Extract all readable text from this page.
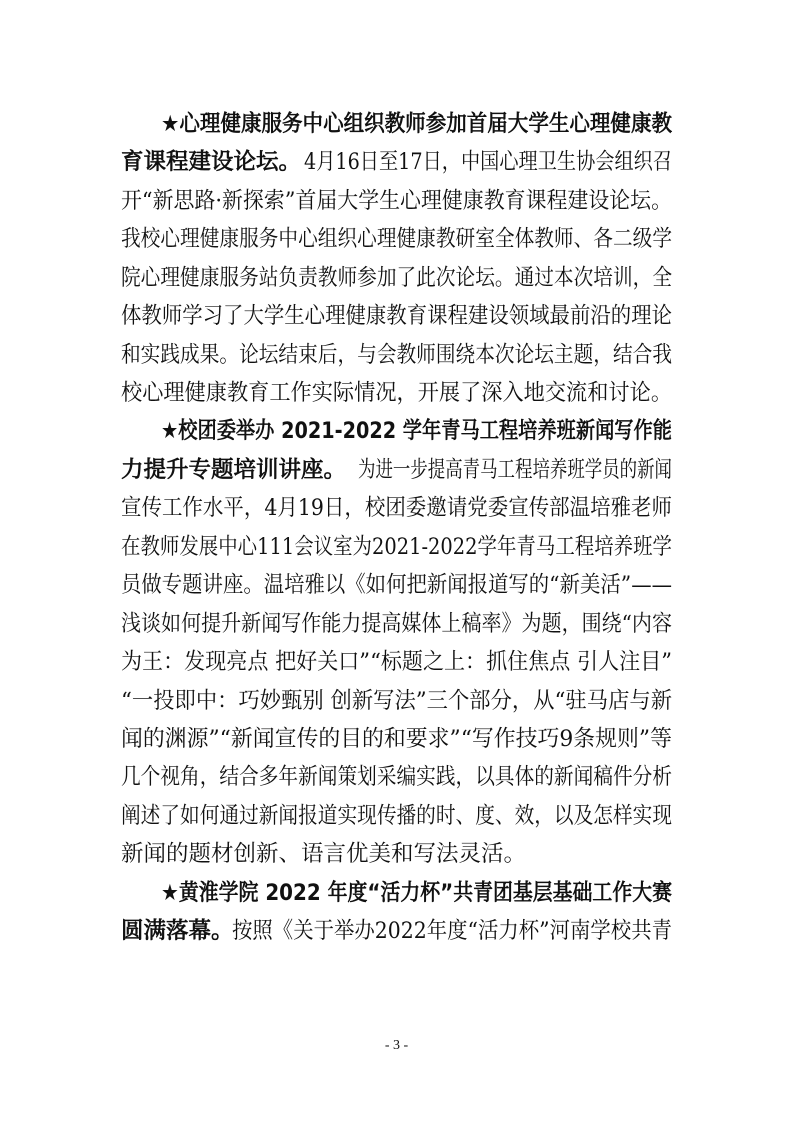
★心理健康服务中心组织教师参加首届大学生心理健康教
育课程建设论坛。 4月16日至17日，中国心理卫生协会组织召
开“新思路·新探索”首届大学生心理健康教育课程建设论坛。
我校心理健康服务中心组织心理健康教研室全体教师、各二级学
院心理健康服务站负责教师参加了此次论坛。通过本次培训，全
体教师学习了大学生心理健康教育课程建设领域最前沿的理论
和实践成果。论坛结束后，与会教师围绕本次论坛主题，结合我
校心理健康教育工作实际情况，开展了深入地交流和讨论。
★校团委举办 2021-2022 学年青马工程培养班新闻写作能
力提升专题培训讲座。 为进一步提高青马工程培养班学员的新闻
宣传工作水平，4月19日，校团委邀请党委宣传部温培雅老师
在教师发展中心111会议室为2021-2022学年青马工程培养班学
员做专题讲座。温培雅以《如何把新闻报道写的“新美活”——
浅谈如何提升新闻写作能力提高媒体上稿率》为题，围绕“内容
为王：发现亮点 把好关口”“标题之上：抓住焦点 引人注目”
“一投即中：巧妙甄别 创新写法”三个部分，从“驻马店与新
闻的渊源”“新闻宣传的目的和要求”“写作技巧9条规则”等
几个视角，结合多年新闻策划采编实践，以具体的新闻稿件分析
阐述了如何通过新闻报道实现传播的时、度、效，以及怎样实现
新闻的题材创新、语言优美和写法灵活。
★黄淮学院 2022 年度“活力杯”共青团基层基础工作大赛
圆满落幕。
按照《关于举办2022年度“活力杯”河南学校共青
- 3 -
